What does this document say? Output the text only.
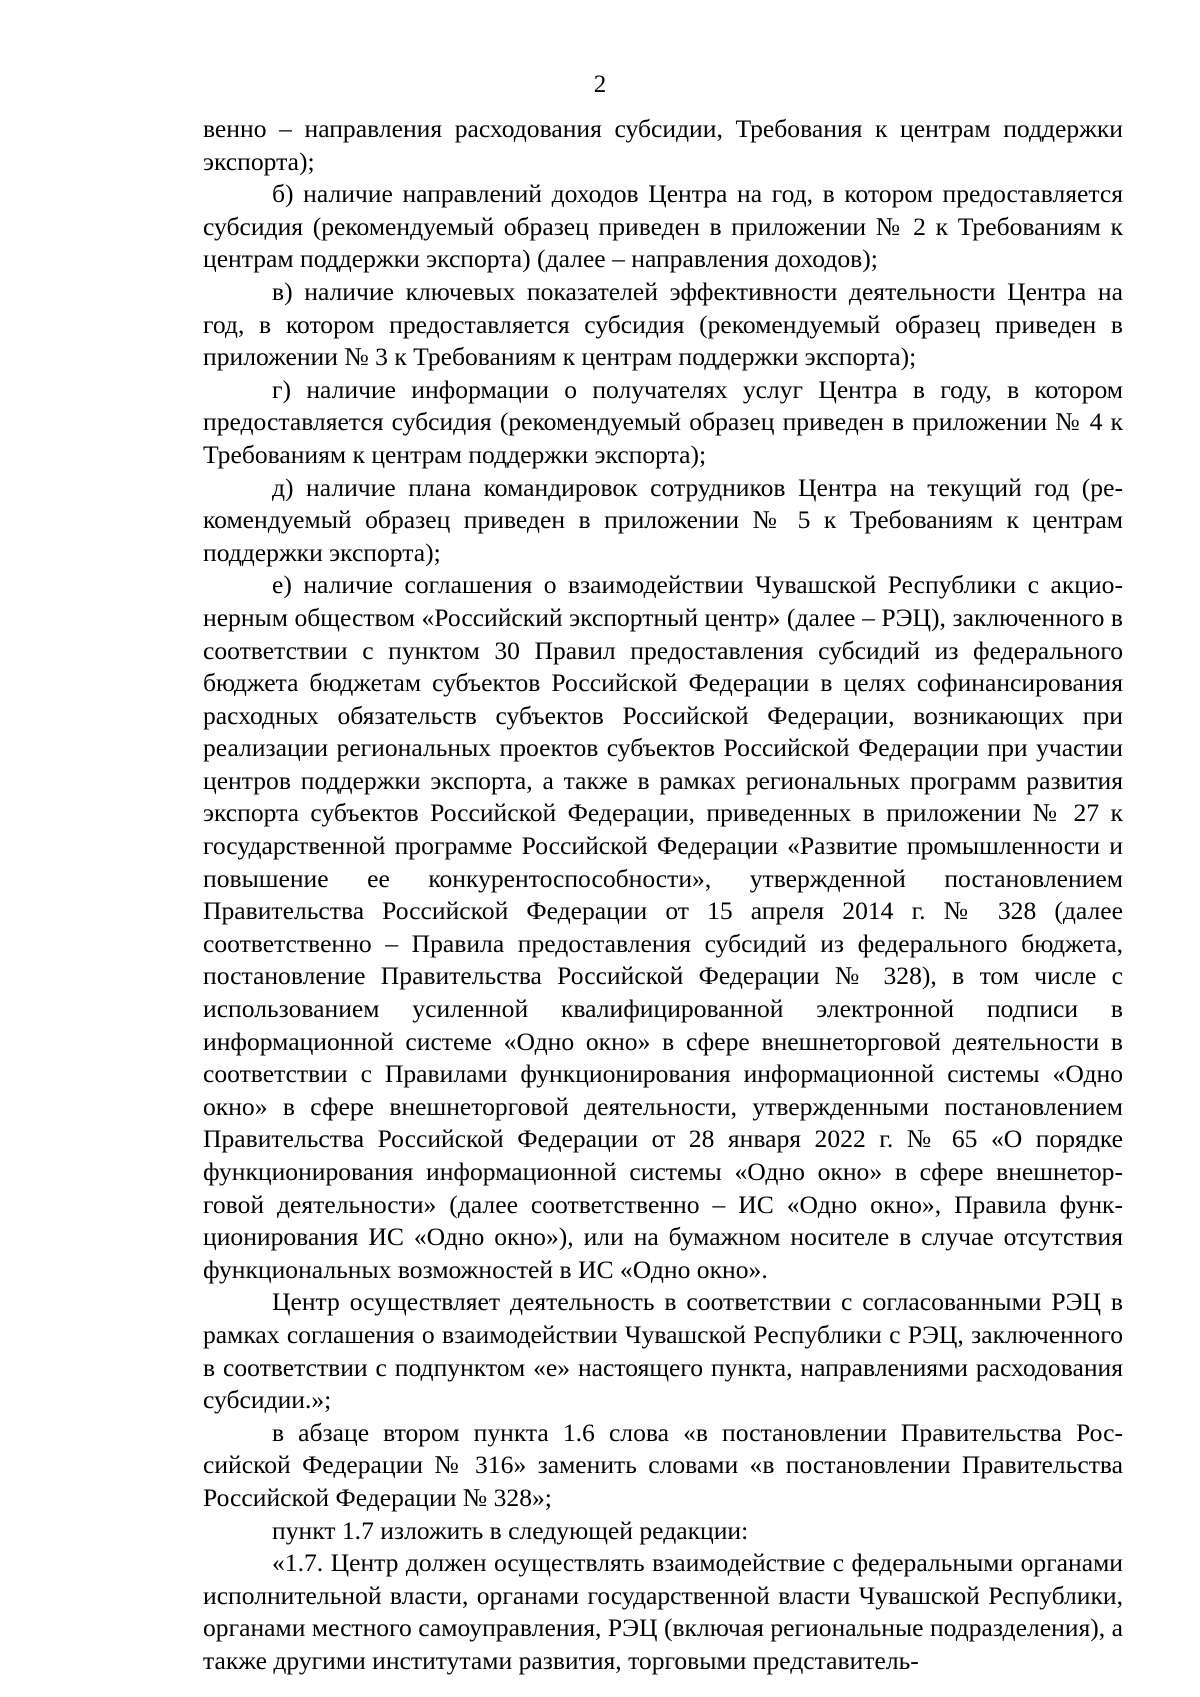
2

венно – направления расходования субсидии, Требования к центрам поддержки экспорта);

б) наличие направлений доходов Центра на год, в котором предоставляется субсидия (рекомендуемый образец приведен в приложении № 2 к Требованиям к центрам поддержки экспорта) (далее – направления доходов);

в) наличие ключевых показателей эффективности деятельности Центра на год, в котором предоставляется субсидия (рекомендуемый образец приведен в приложении № 3 к Требованиям к центрам поддержки экспорта);

г) наличие информации о получателях услуг Центра в году, в котором предоставляется субсидия (рекомендуемый образец приведен в приложении № 4 к Требованиям к центрам поддержки экспорта);

д) наличие плана командировок сотрудников Центра на текущий год (рекомендуемый образец приведен в приложении № 5 к Требованиям к центрам поддержки экспорта);

е) наличие соглашения о взаимодействии Чувашской Республики с акционерным обществом «Российский экспортный центр» (далее – РЭЦ), заключенного в соответствии с пунктом 30 Правил предоставления субсидий из федерального бюджета бюджетам субъектов Российской Федерации в целях софинансирования расходных обязательств субъектов Российской Федерации, возникающих при реализации региональных проектов субъектов Российской Федерации при участии центров поддержки экспорта, а также в рамках региональных программ развития экспорта субъектов Российской Федерации, приведенных в приложении № 27 к государственной программе Российской Федерации «Развитие промышленности и повышение ее конкурентоспособности», утвержденной постановлением Правительства Российской Федерации от 15 апреля 2014 г. № 328 (далее соответственно – Правила предоставления субсидий из федерального бюджета, постановление Правительства Российской Федерации № 328), в том числе с использованием усиленной квалифицированной электронной подписи в информационной системе «Одно окно» в сфере внешнеторговой деятельности в соответствии с Правилами функционирования информационной системы «Одно окно» в сфере внешнеторговой деятельности, утвержденными постановлением Правительства Российской Федерации от 28 января 2022 г. № 65 «О порядке функционирования информационной системы «Одно окно» в сфере внешнеторговой деятельности» (далее соответственно – ИС «Одно окно», Правила функционирования ИС «Одно окно»), или на бумажном носителе в случае отсутствия функциональных возможностей в ИС «Одно окно».

Центр осуществляет деятельность в соответствии с согласованными РЭЦ в рамках соглашения о взаимодействии Чувашской Республики с РЭЦ, заключенного в соответствии с подпунктом «е» настоящего пункта, направлениями расходования субсидии.»;

в абзаце втором пункта 1.6 слова «в постановлении Правительства Российской Федерации № 316» заменить словами «в постановлении Правительства Российской Федерации № 328»;

пункт 1.7 изложить в следующей редакции:

«1.7. Центр должен осуществлять взаимодействие с федеральными органами исполнительной власти, органами государственной власти Чувашской Республики, органами местного самоуправления, РЭЦ (включая региональные подразделения), а также другими институтами развития, торговыми представитель-
